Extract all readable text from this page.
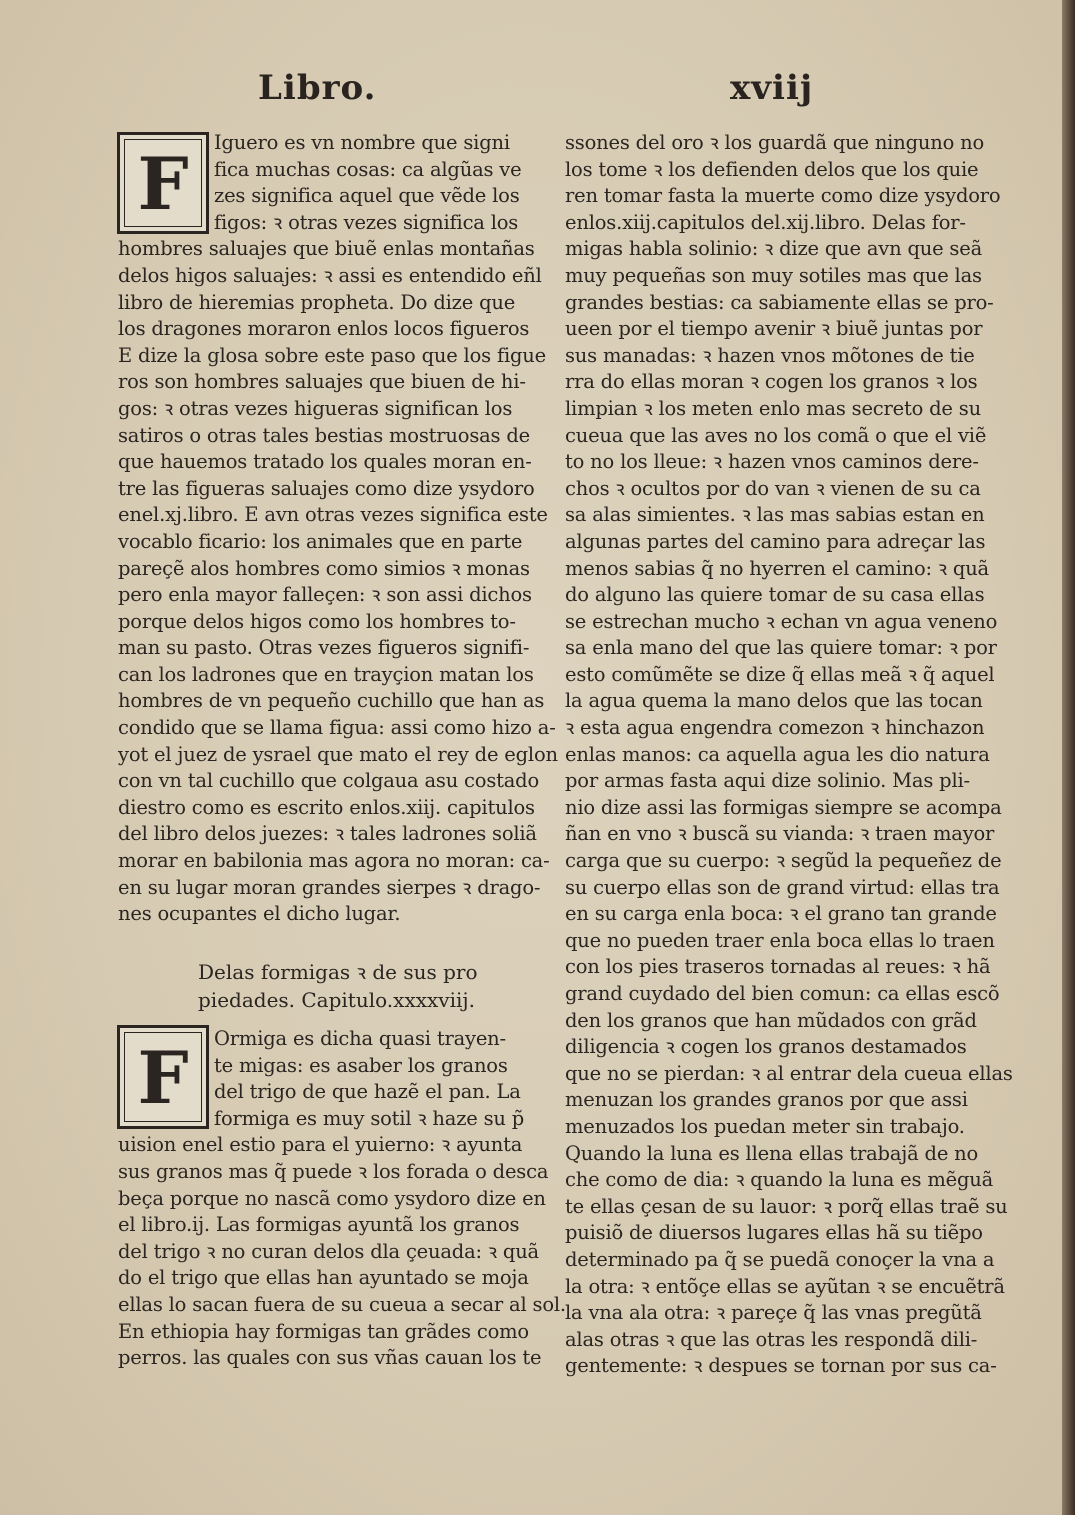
Libro.	xviij
F
F
Iguero es vn nombre que signi
fica muchas cosas: ca algũas ve
zes significa aquel que vẽde los
figos: ꝛ otras vezes significa los
hombres saluajes que biuẽ enlas montañas
delos higos saluajes: ꝛ assi es entendido eñl
libro de hieremias propheta. Do dize que
los dragones moraron enlos locos figueros
E dize la glosa sobre este paso que los figue
ros son hombres saluajes que biuen de hi-
gos: ꝛ otras vezes higueras significan los
satiros o otras tales bestias mostruosas de
que hauemos tratado los quales moran en-
tre las figueras saluajes como dize ysydoro
enel.xj.libro. E avn otras vezes significa este
vocablo ficario: los animales que en parte
pareçẽ alos hombres como simios ꝛ monas
pero enla mayor falleçen: ꝛ son assi dichos
porque delos higos como los hombres to-
man su pasto. Otras vezes figueros signifi-
can los ladrones que en trayçion matan los
hombres de vn pequeño cuchillo que han as
condido que se llama figua: assi como hizo a-
yot el juez de ysrael que mato el rey de eglon
con vn tal cuchillo que colgaua asu costado
diestro como es escrito enlos.xiij. capitulos
del libro delos juezes: ꝛ tales ladrones soliã
morar en babilonia mas agora no moran: ca-
en su lugar moran grandes sierpes ꝛ drago-
nes ocupantes el dicho lugar.
Delas formigas ꝛ de sus pro
piedades. Capitulo.xxxxviij.
Ormiga es dicha quasi trayen-
te migas: es asaber los granos
del trigo de que hazẽ el pan. La
formiga es muy sotil ꝛ haze su p̃
uision enel estio para el yuierno: ꝛ ayunta
sus granos mas q̃ puede ꝛ los forada o desca
beça porque no nascã como ysydoro dize en
el libro.ij. Las formigas ayuntã los granos
del trigo ꝛ no curan delos dla çeuada: ꝛ quã
do el trigo que ellas han ayuntado se moja
ellas lo sacan fuera de su cueua a secar al sol.
En ethiopia hay formigas tan grãdes como
perros. las quales con sus vñas cauan los te
ssones del oro ꝛ los guardã que ninguno no
los tome ꝛ los defienden delos que los quie
ren tomar fasta la muerte como dize ysydoro
enlos.xiij.capitulos del.xij.libro. Delas for-
migas habla solinio: ꝛ dize que avn que seã
muy pequeñas son muy sotiles mas que las
grandes bestias: ca sabiamente ellas se pro-
ueen por el tiempo avenir ꝛ biuẽ juntas por
sus manadas: ꝛ hazen vnos mõtones de tie
rra do ellas moran ꝛ cogen los granos ꝛ los
limpian ꝛ los meten enlo mas secreto de su
cueua que las aves no los comã o que el viẽ
to no los lleue: ꝛ hazen vnos caminos dere-
chos ꝛ ocultos por do van ꝛ vienen de su ca
sa alas simientes. ꝛ las mas sabias estan en
algunas partes del camino para adreçar las
menos sabias q̃ no hyerren el camino: ꝛ quã
do alguno las quiere tomar de su casa ellas
se estrechan mucho ꝛ echan vn agua veneno
sa enla mano del que las quiere tomar: ꝛ por
esto comũmẽte se dize q̃ ellas meã ꝛ q̃ aquel
la agua quema la mano delos que las tocan
ꝛ esta agua engendra comezon ꝛ hinchazon
enlas manos: ca aquella agua les dio natura
por armas fasta aqui dize solinio. Mas pli-
nio dize assi las formigas siempre se acompa
ñan en vno ꝛ buscã su vianda: ꝛ traen mayor
carga que su cuerpo: ꝛ segũd la pequeñez de
su cuerpo ellas son de grand virtud: ellas tra
en su carga enla boca: ꝛ el grano tan grande
que no pueden traer enla boca ellas lo traen
con los pies traseros tornadas al reues: ꝛ hã
grand cuydado del bien comun: ca ellas escõ
den los granos que han mũdados con grãd
diligencia ꝛ cogen los granos destamados
que no se pierdan: ꝛ al entrar dela cueua ellas
menuzan los grandes granos por que assi
menuzados los puedan meter sin trabajo.
Quando la luna es llena ellas trabajã de no
che como de dia: ꝛ quando la luna es mẽguã
te ellas çesan de su lauor: ꝛ porq̃ ellas traẽ su
puisiõ de diuersos lugares ellas hã su tiẽpo
determinado pa q̃ se puedã conoçer la vna a
la otra: ꝛ entõçe ellas se ayũtan ꝛ se encuẽtrã
la vna ala otra: ꝛ pareçe q̃ las vnas pregũtã
alas otras ꝛ que las otras les respondã dili-
gentemente: ꝛ despues se tornan por sus ca-
